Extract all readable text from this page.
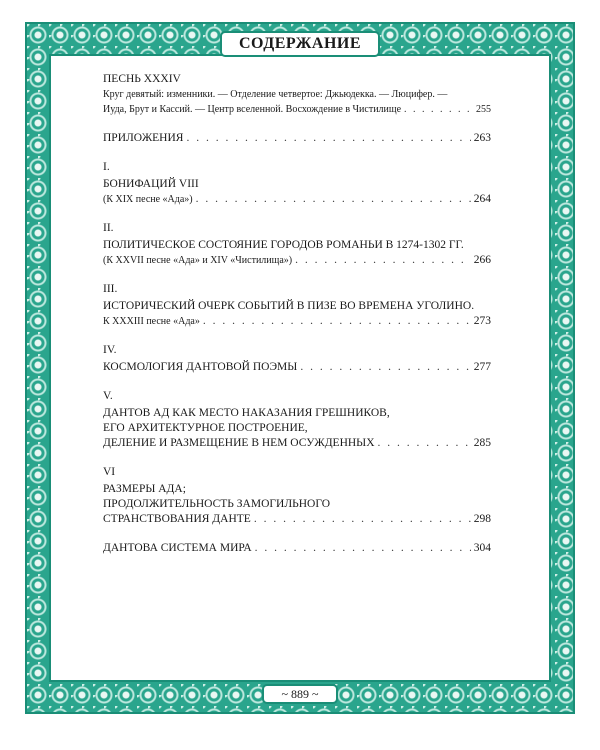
СОДЕРЖАНИЕ
ПЕСНЬ XXXIV
Круг девятый: изменники. — Отделение четвертое: Джьюдекка. — Люцифер. —
Иуда, Брут и Кассий. — Центр вселенной. Восхождение в Чистилище . . .	255
ПРИЛОЖЕНИЯ . . .	263
I.
БОНИФАЦИЙ VIII
(К XIX песне «Ада») . . .	264
II.
ПОЛИТИЧЕСКОЕ СОСТОЯНИЕ ГОРОДОВ РОМАНЬИ В 1274-1302 ГГ.
(К XXVII песне «Ада» и XIV «Чистилища») . . .	266
III.
ИСТОРИЧЕСКИЙ ОЧЕРК СОБЫТИЙ В ПИЗЕ ВО ВРЕМЕНА УГОЛИНО.
К XXXIII песне «Ада» . . .	273
IV.
КОСМОЛОГИЯ ДАНТОВОЙ ПОЭМЫ . . .	277
V.
ДАНТОВ АД КАК МЕСТО НАКАЗАНИЯ ГРЕШНИКОВ,
ЕГО АРХИТЕКТУРНОЕ ПОСТРОЕНИЕ,
ДЕЛЕНИЕ И РАЗМЕЩЕНИЕ В НЕМ ОСУЖДЕННЫХ . . .	285
VI
РАЗМЕРЫ АДА;
ПРОДОЛЖИТЕЛЬНОСТЬ ЗАМОГИЛЬНОГО
СТРАНСТВОВАНИЯ ДАНТЕ . . .	298
ДАНТОВА СИСТЕМА МИРА . . .	304
~ 889 ~
